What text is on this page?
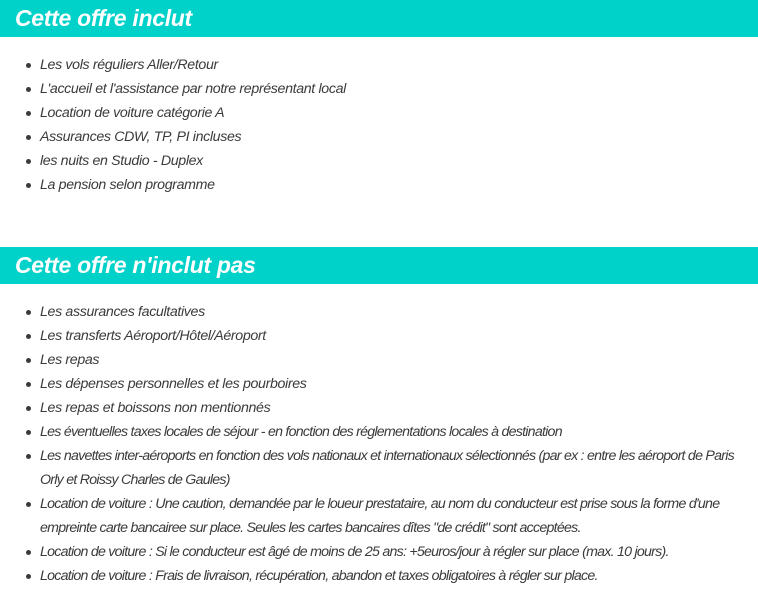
Cette offre inclut
Les vols réguliers Aller/Retour
L'accueil et l'assistance par notre représentant local
Location de voiture catégorie A
Assurances CDW, TP, PI incluses
les nuits en Studio - Duplex
La pension selon programme
Cette offre n'inclut pas
Les assurances facultatives
Les transferts Aéroport/Hôtel/Aéroport
Les repas
Les dépenses personnelles et les pourboires
Les repas et boissons non mentionnés
Les éventuelles taxes locales de séjour - en fonction des réglementations locales à destination
Les navettes inter-aéroports en fonction des vols nationaux et internationaux sélectionnés (par ex : entre les aéroport de Paris Orly et Roissy Charles de Gaules)
Location de voiture : Une caution, demandée par le loueur prestataire, au nom du conducteur est prise sous la forme d'une empreinte carte bancairee sur place. Seules les cartes bancaires dîtes "de crédit" sont acceptées.
Location de voiture : Si le conducteur est âgé de moins de 25 ans: +5euros/jour à régler sur place (max. 10 jours).
Location de voiture : Frais de livraison, récupération, abandon et taxes obligatoires à régler sur place.
